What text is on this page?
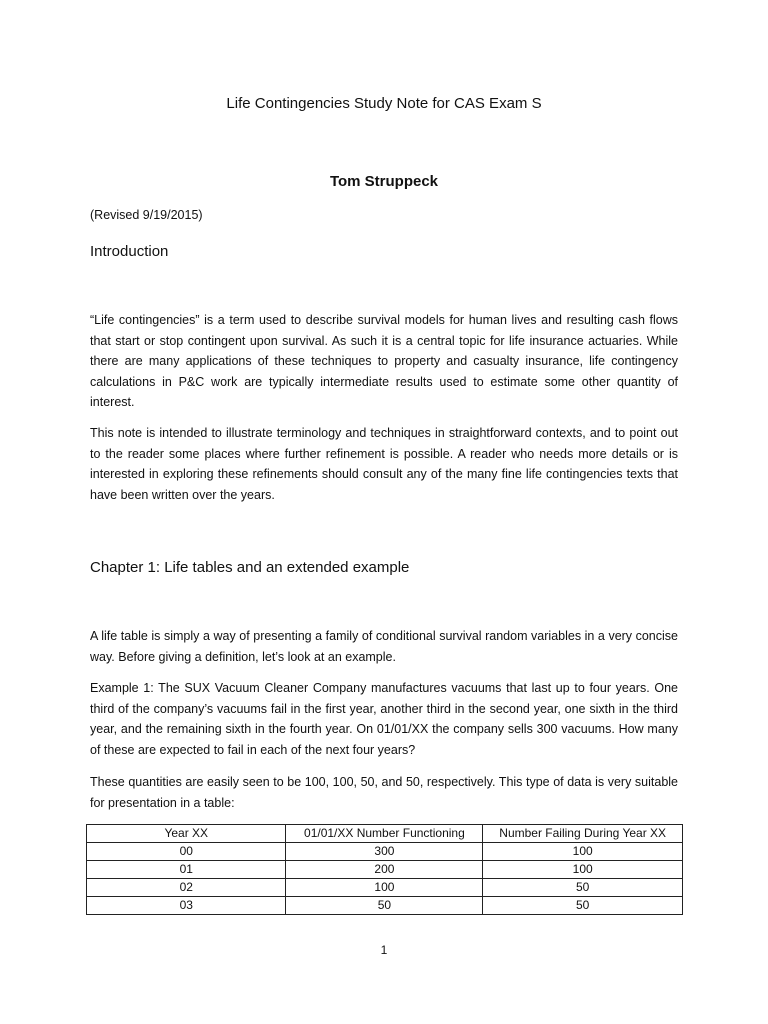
Life Contingencies Study Note for CAS Exam S

Tom Struppeck

(Revised 9/19/2015)

Introduction

“Life contingencies” is a term used to describe survival models for human lives and resulting cash flows that start or stop contingent upon survival. As such it is a central topic for life insurance actuaries. While there are many applications of these techniques to property and casualty insurance, life contingency calculations in P&C work are typically intermediate results used to estimate some other quantity of interest.

This note is intended to illustrate terminology and techniques in straightforward contexts, and to point out to the reader some places where further refinement is possible. A reader who needs more details or is interested in exploring these refinements should consult any of the many fine life contingencies texts that have been written over the years.

Chapter 1: Life tables and an extended example

A life table is simply a way of presenting a family of conditional survival random variables in a very concise way. Before giving a definition, let’s look at an example.

Example 1: The SUX Vacuum Cleaner Company manufactures vacuums that last up to four years. One third of the company’s vacuums fail in the first year, another third in the second year, one sixth in the third year, and the remaining sixth in the fourth year. On 01/01/XX the company sells 300 vacuums. How many of these are expected to fail in each of the next four years?

These quantities are easily seen to be 100, 100, 50, and 50, respectively. This type of data is very suitable for presentation in a table:

Year XX	01/01/XX Number Functioning	Number Failing During Year XX
00	300	100
01	200	100
02	100	50
03	50	50

1
